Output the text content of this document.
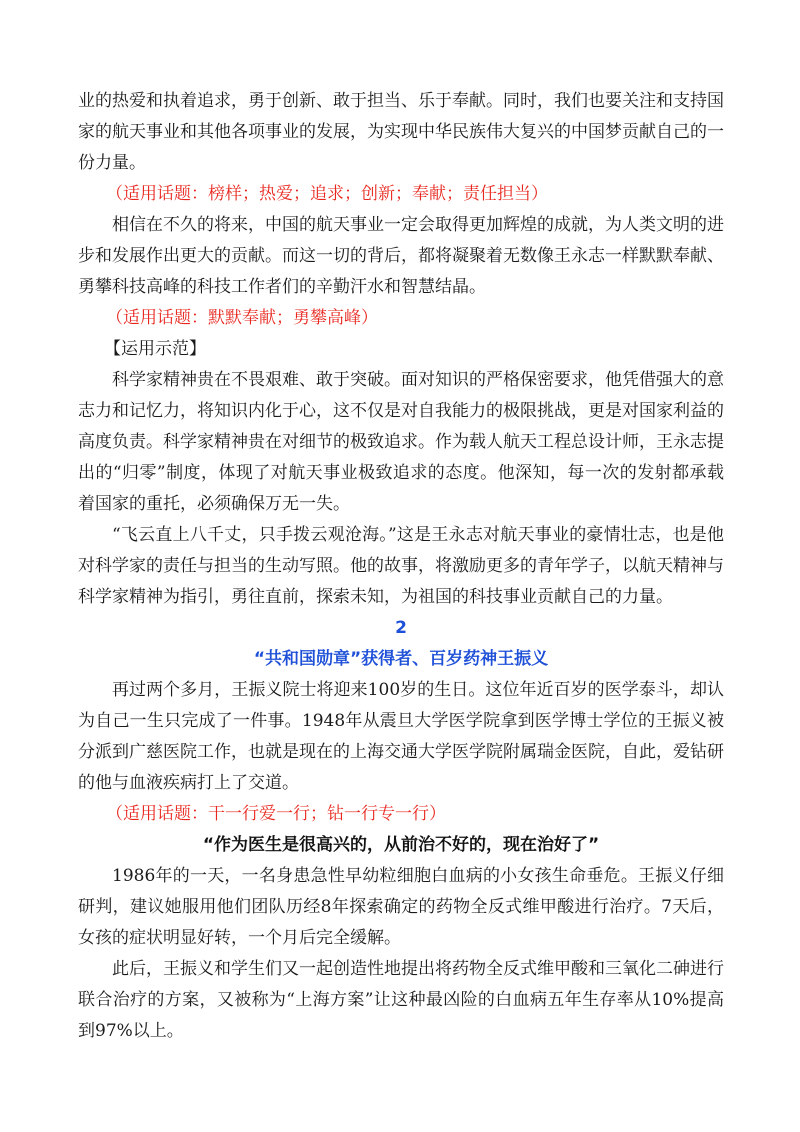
业的热爱和执着追求，勇于创新、敢于担当、乐于奉献。同时，我们也要关注和支持国家的航天事业和其他各项事业的发展，为实现中华民族伟大复兴的中国梦贡献自己的一份力量。

（适用话题：榜样；热爱；追求；创新；奉献；责任担当）

相信在不久的将来，中国的航天事业一定会取得更加辉煌的成就，为人类文明的进步和发展作出更大的贡献。而这一切的背后，都将凝聚着无数像王永志一样默默奉献、勇攀科技高峰的科技工作者们的辛勤汗水和智慧结晶。

（适用话题：默默奉献；勇攀高峰）

【运用示范】

科学家精神贵在不畏艰难、敢于突破。面对知识的严格保密要求，他凭借强大的意志力和记忆力，将知识内化于心，这不仅是对自我能力的极限挑战，更是对国家利益的高度负责。科学家精神贵在对细节的极致追求。作为载人航天工程总设计师，王永志提出的“归零”制度，体现了对航天事业极致追求的态度。他深知，每一次的发射都承载着国家的重托，必须确保万无一失。

“飞云直上八千丈，只手拨云观沧海。”这是王永志对航天事业的豪情壮志，也是他对科学家的责任与担当的生动写照。他的故事，将激励更多的青年学子，以航天精神与科学家精神为指引，勇往直前，探索未知，为祖国的科技事业贡献自己的力量。

2

“共和国勋章”获得者、百岁药神王振义

再过两个多月，王振义院士将迎来100岁的生日。这位年近百岁的医学泰斗，却认为自己一生只完成了一件事。1948年从震旦大学医学院拿到医学博士学位的王振义被分派到广慈医院工作，也就是现在的上海交通大学医学院附属瑞金医院，自此，爱钻研的他与血液疾病打上了交道。

（适用话题：干一行爱一行；钻一行专一行）

“作为医生是很高兴的，从前治不好的，现在治好了”

1986年的一天，一名身患急性早幼粒细胞白血病的小女孩生命垂危。王振义仔细研判，建议她服用他们团队历经8年探索确定的药物全反式维甲酸进行治疗。7天后，女孩的症状明显好转，一个月后完全缓解。

此后，王振义和学生们又一起创造性地提出将药物全反式维甲酸和三氧化二砷进行联合治疗的方案，又被称为“上海方案”让这种最凶险的白血病五年生存率从10%提高到97%以上。
